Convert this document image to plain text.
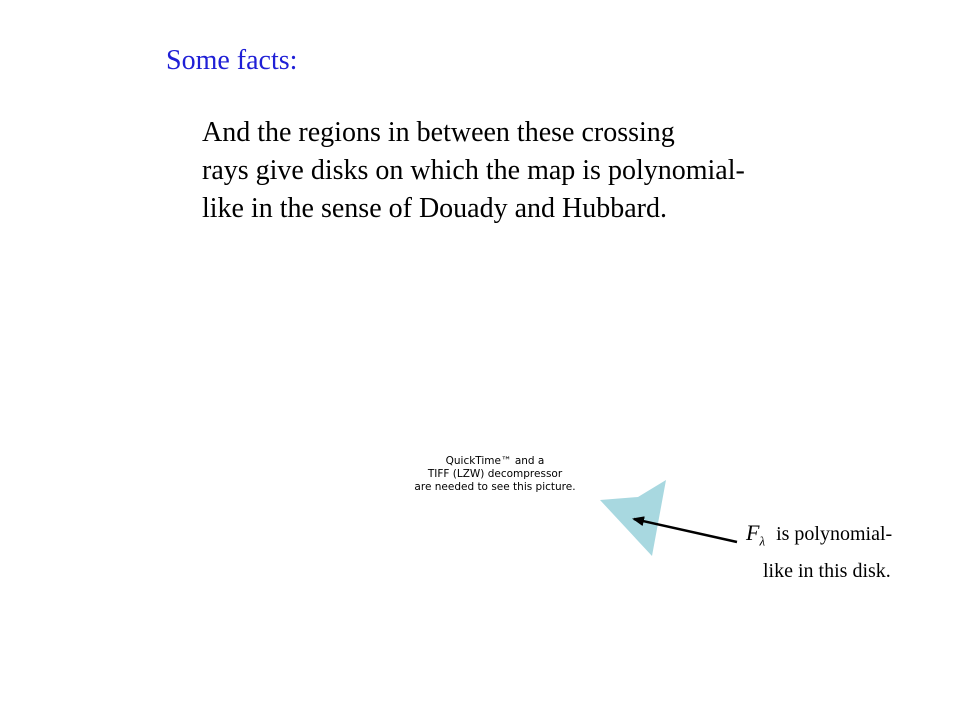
Some facts:
And the regions in between these crossing
rays give disks on which the map is polynomial-
like in the sense of Douady and Hubbard.
QuickTime™ and a
TIFF (LZW) decompressor
are needed to see this picture.
$F_\lambda$ is polynomial-
like in this disk.
